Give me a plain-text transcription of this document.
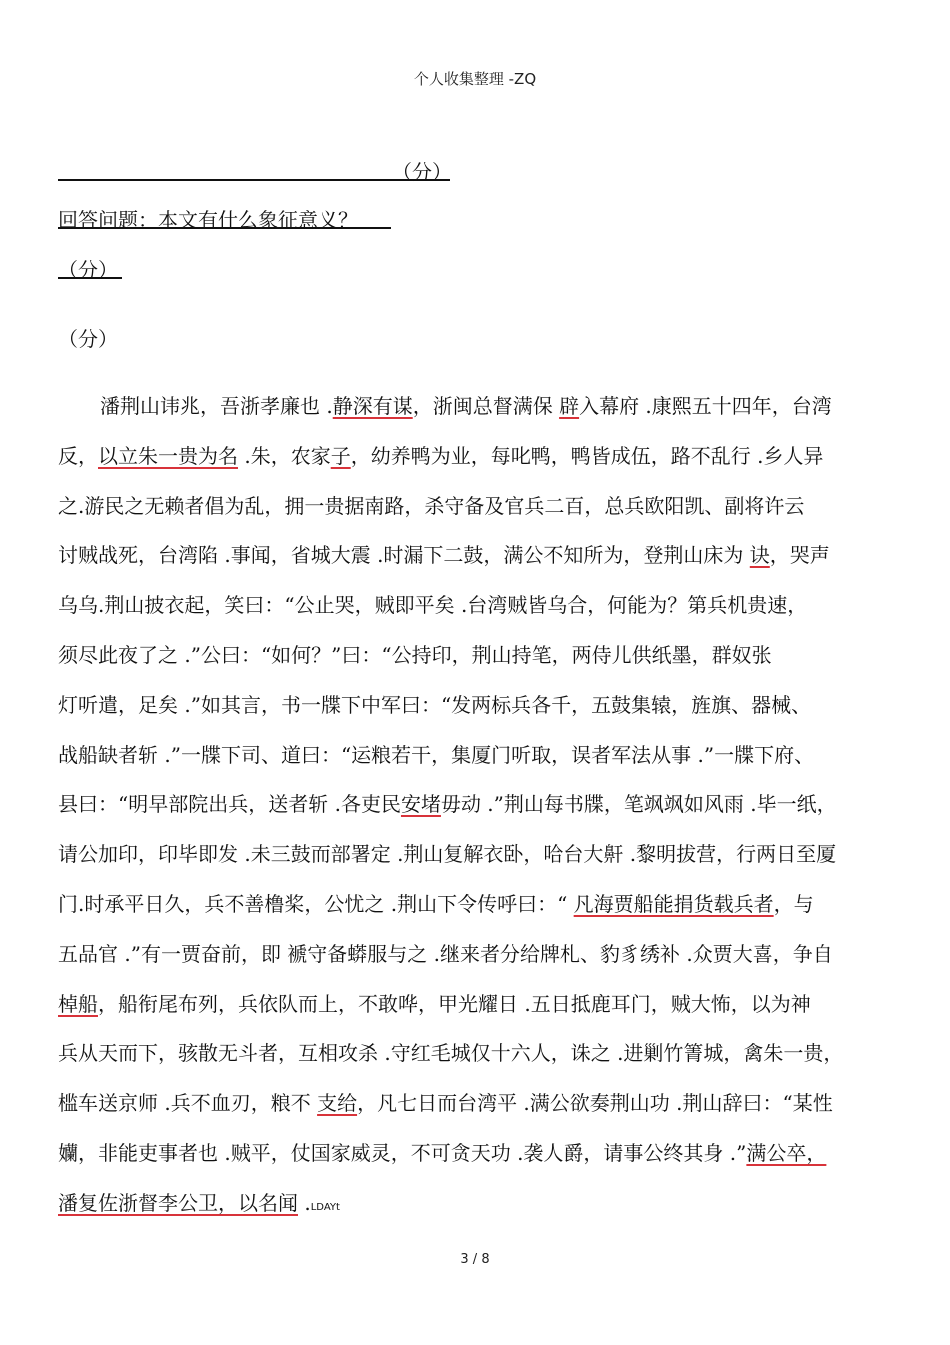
个人收集整理 -ZQ
（分）
回答问题：本文有什么象征意义？
（分）
（分）
潘荆山讳兆，吾浙孝廉也 .静深有谋，浙闽总督满保 辟入幕府 .康熙五十四年，台湾
反，以立朱一贵为名 .朱，农家子，幼养鸭为业，每叱鸭，鸭皆成伍，路不乱行 .乡人异
之.游民之无赖者倡为乱，拥一贵据南路，杀守备及官兵二百，总兵欧阳凯、副将许云
讨贼战死，台湾陷 .事闻，省城大震 .时漏下二鼓，满公不知所为，登荆山床为 诀，哭声
乌乌.荆山披衣起，笑曰：“公止哭，贼即平矣 .台湾贼皆乌合，何能为？第兵机贵速，
须尽此夜了之 .”公曰：“如何？”曰：“公持印，荆山持笔，两侍儿供纸墨，群奴张
灯听遣，足矣 .”如其言，书一牒下中军曰：“发两标兵各千，五鼓集辕，旌旗、器械、
战船缺者斩 .”一牒下司、道曰：“运粮若干，集厦门听取，误者军法从事 .”一牒下府、
县曰：“明早部院出兵，送者斩 .各吏民安堵毋动 .”荆山每书牒，笔飒飒如风雨 .毕一纸，
请公加印，印毕即发 .未三鼓而部署定 .荆山复解衣卧，哈台大鼾 .黎明拔营，行两日至厦
门.时承平日久，兵不善橹桨，公忧之 .荆山下令传呼曰：“ 凡海贾船能捐货载兵者，与
五品官 .”有一贾奋前，即 褫守备蟒服与之 .继来者分给牌札、豹豸绣补 .众贾大喜，争自
棹船，船衔尾布列，兵依队而上，不敢哗，甲光耀日 .五日抵鹿耳门，贼大怖，以为神
兵从天而下，骇散无斗者，互相攻杀 .守红毛城仅十六人，诛之 .进剿竹箐城，禽朱一贵，
槛车送京师 .兵不血刃，粮不 支给，凡七日而台湾平 .满公欲奏荆山功 .荆山辞曰：“某性
孏，非能吏事者也 .贼平，仗国家威灵，不可贪天功 .袭人爵，请事公终其身 .”满公卒，
潘复佐浙督李公卫，以名闻 .LDAYt
3 / 8
